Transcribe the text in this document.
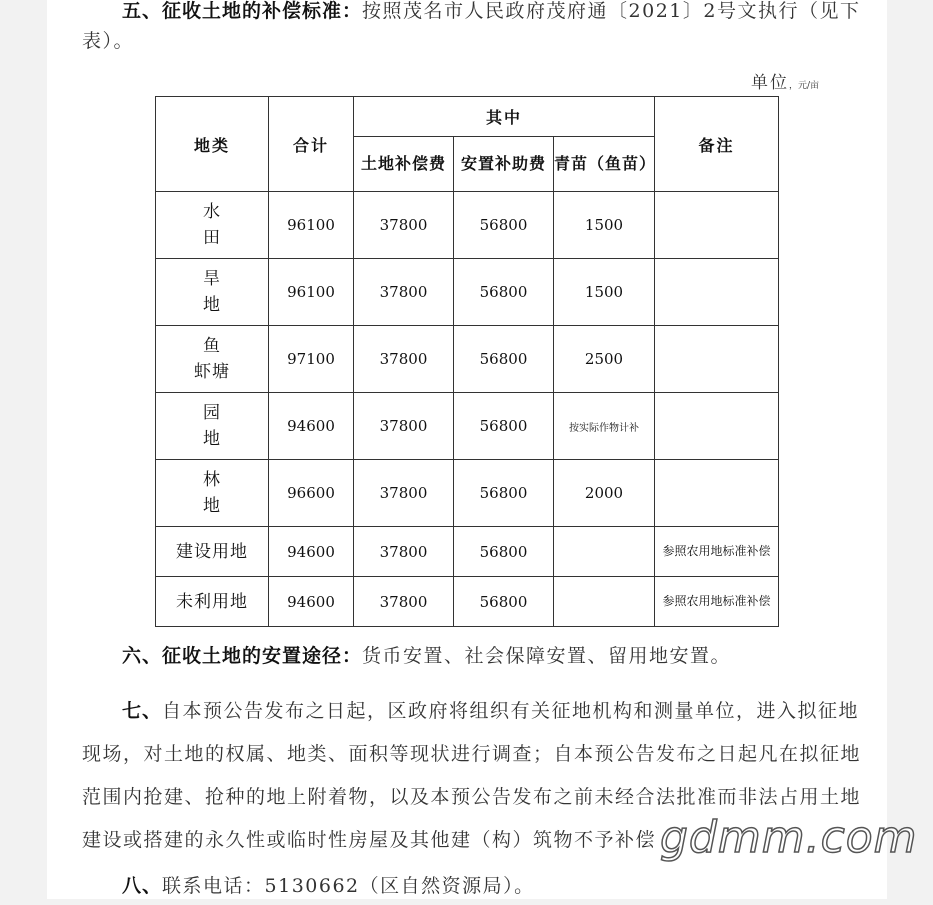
五、征收土地的补偿标准：按照茂名市人民政府茂府通〔2021〕2号文执行（见下表）。
单位，元/亩
地类	合计	其中			备注
		土地补偿费	安置补助费	青苗（鱼苗）	
水
田	96100	37800	56800	1500	
旱
地	96100	37800	56800	1500	
鱼
虾塘	97100	37800	56800	2500	
园
地	94600	37800	56800	按实际作物计补	
林
地	96600	37800	56800	2000	
建设用地	94600	37800	56800		参照农用地标准补偿
未利用地	94600	37800	56800		参照农用地标准补偿
六、征收土地的安置途径：货币安置、社会保障安置、留用地安置。
七、自本预公告发布之日起，区政府将组织有关征地机构和测量单位，进入拟征地现场，对土地的权属、地类、面积等现状进行调查；自本预公告发布之日起凡在拟征地范围内抢建、抢种的地上附着物，以及本预公告发布之前未经合法批准而非法占用土地建设或搭建的永久性或临时性房屋及其他建（构）筑物不予补偿
八、联系电话：5130662（区自然资源局）。
gdmm.com
